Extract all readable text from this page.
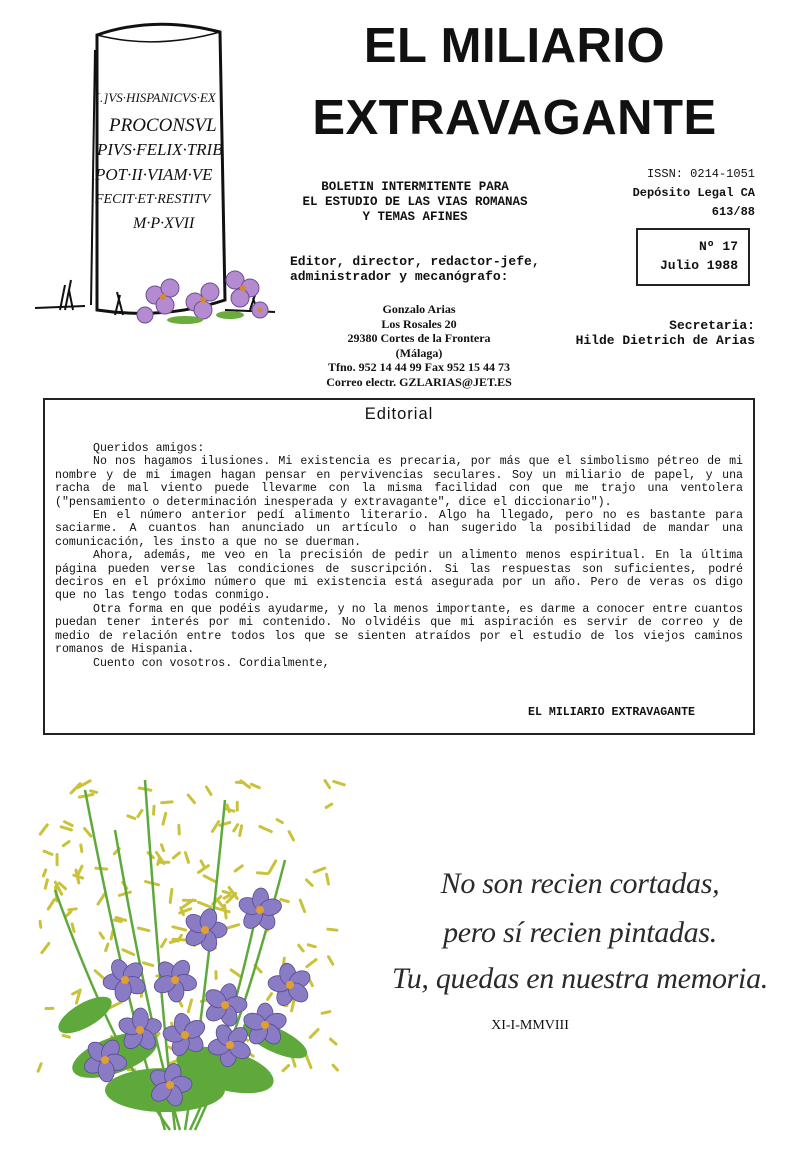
[.]VS·HISPANICVS·EX
PROCONSVL
PIVS·FELIX·TRIB
POT·II·VIAM·VE
FECIT·ET·RESTITV
M·P·XVII
EL MILIARIO
EXTRAVAGANTE
ISSN: 0214-1051
Depósito Legal CA 613/88
BOLETIN INTERMITENTE PARA
EL ESTUDIO DE LAS VIAS ROMANAS
Y TEMAS AFINES
Nº 17
Julio 1988
Editor, director, redactor-jefe,
administrador y mecanógrafo:
Gonzalo Arias
Los Rosales 20
29380 Cortes de la Frontera
(Málaga)
Tfno. 952 14 44 99 Fax 952 15 44 73
Correo electr. GZLARIAS@JET.ES
Secretaria:
Hilde Dietrich de Arias
Editorial

Queridos amigos:

No nos hagamos ilusiones. Mi existencia es precaria, por más que el simbolismo pétreo de mi nombre y de mi imagen hagan pensar en pervivencias seculares. Soy un miliario de papel, y una racha de mal viento puede llevarme con la misma facilidad con que me trajo una ventolera ("pensamiento o determinación inesperada y extravagante", dice el diccionario").

En el número anterior pedí alimento literario. Algo ha llegado, pero no es bastante para saciarme. A cuantos han anunciado un artículo o han sugerido la posibilidad de mandar una comunicación, les insto a que no se duerman.

Ahora, además, me veo en la precisión de pedir un alimento menos espiritual. En la última página pueden verse las condiciones de suscripción. Si las respuestas son suficientes, podré deciros en el próximo número que mi existencia está asegurada por un año. Pero de veras os digo que no las tengo todas conmigo.

Otra forma en que podéis ayudarme, y no la menos importante, es darme a conocer entre cuantos puedan tener interés por mi contenido. No olvidéis que mi aspiración es servir de correo y de medio de relación entre todos los que se sienten atraídos por el estudio de los viejos caminos romanos de Hispania.

Cuento con vosotros. Cordialmente,

EL MILIARIO EXTRAVAGANTE
No son recien cortadas,
pero sí recien pintadas.
Tu, quedas en nuestra memoria.
XI-I-MMVIII
